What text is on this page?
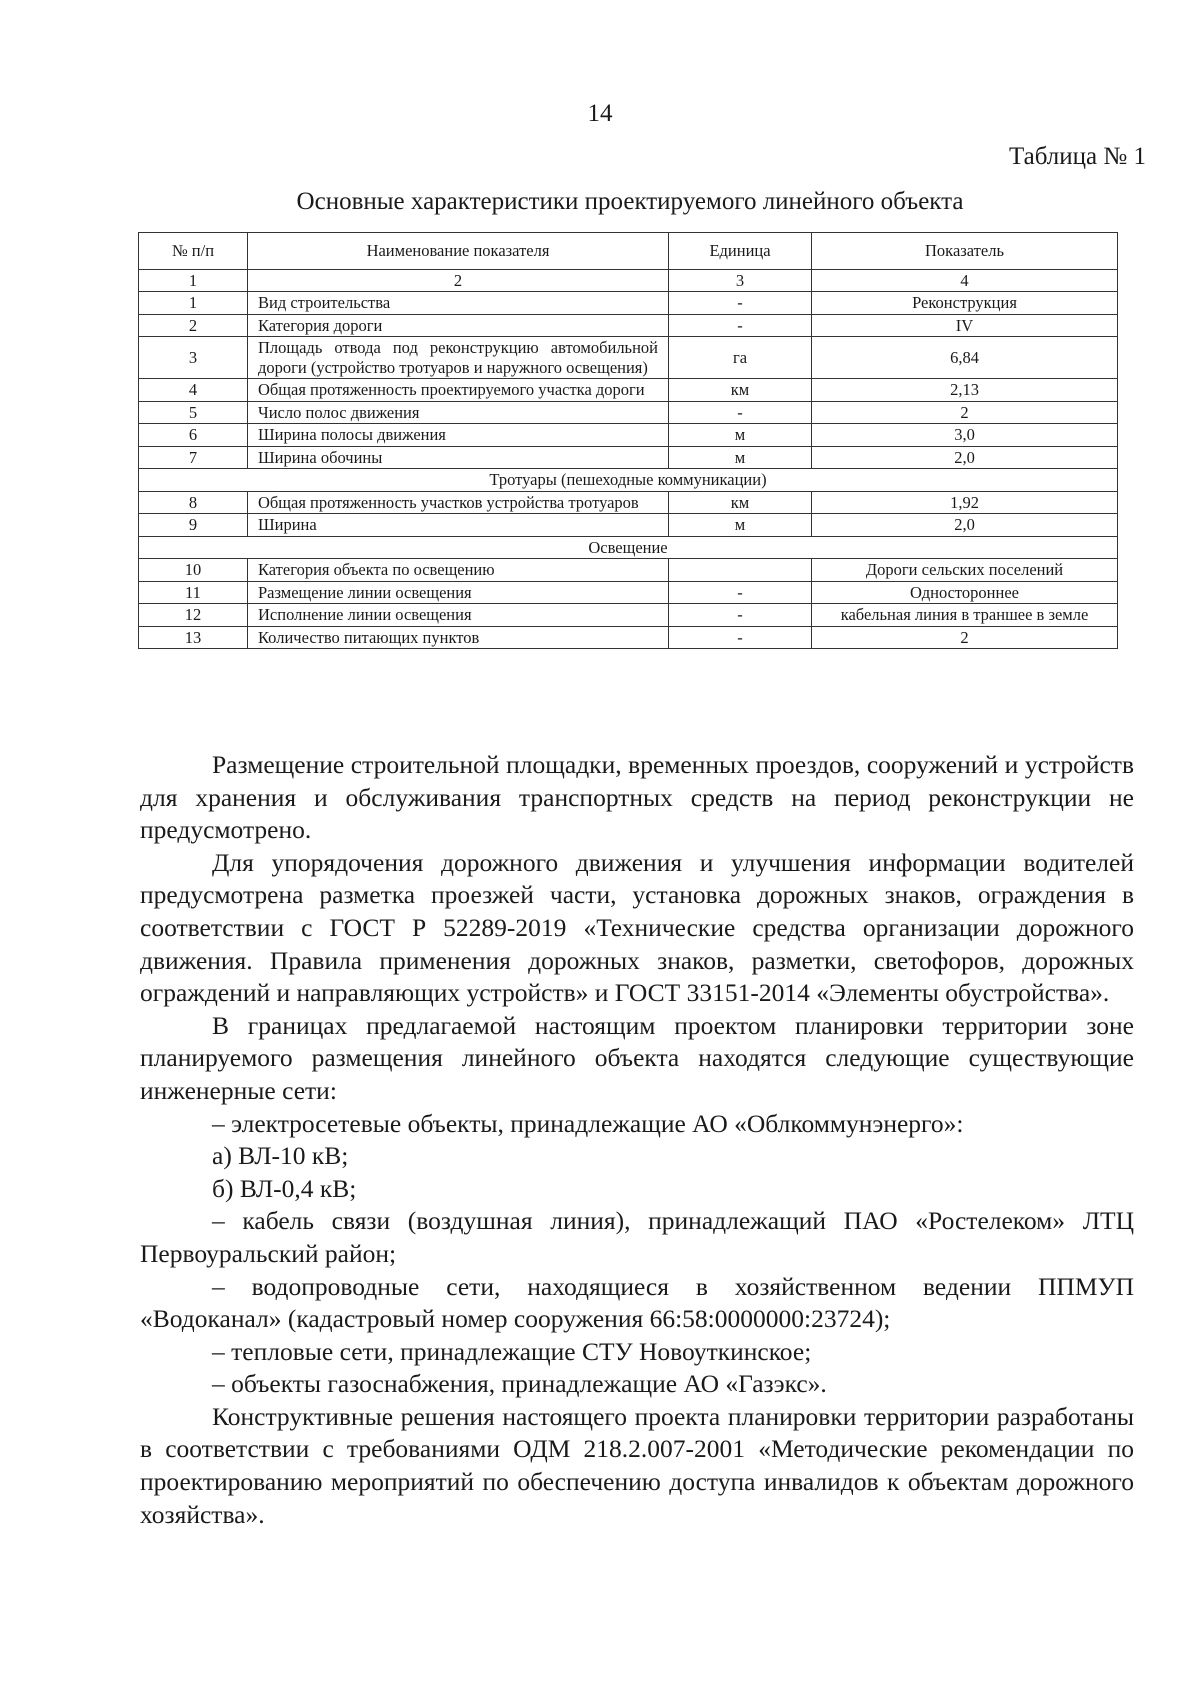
14
Таблица № 1
Основные характеристики проектируемого линейного объекта
№ п/п	Наименование показателя	Единица	Показатель
1	2	3	4
1	Вид строительства	-	Реконструкция
2	Категория дороги	-	IV
3	Площадь отвода под реконструкцию автомобильной дороги (устройство тротуаров и наружного освещения)	га	6,84
4	Общая протяженность проектируемого участка дороги	км	2,13
5	Число полос движения	-	2
6	Ширина полосы движения	м	3,0
7	Ширина обочины	м	2,0
Тротуары (пешеходные коммуникации)			
8	Общая протяженность участков устройства тротуаров	км	1,92
9	Ширина	м	2,0
Освещение			
10	Категория объекта по освещению		Дороги сельских поселений
11	Размещение линии освещения	-	Одностороннее
12	Исполнение линии освещения	-	кабельная линия в траншее в земле
13	Количество питающих пунктов	-	2

Размещение строительной площадки, временных проездов, сооружений и устройств для хранения и обслуживания транспортных средств на период реконструкции не предусмотрено.

Для упорядочения дорожного движения и улучшения информации водителей предусмотрена разметка проезжей части, установка дорожных знаков, ограждения в соответствии с ГОСТ Р 52289-2019 «Технические средства организации дорожного движения. Правила применения дорожных знаков, разметки, светофоров, дорожных ограждений и направляющих устройств» и ГОСТ 33151-2014 «Элементы обустройства».

В границах предлагаемой настоящим проектом планировки территории зоне планируемого размещения линейного объекта находятся следующие существующие инженерные сети:

– электросетевые объекты, принадлежащие АО «Облкоммунэнерго»:

а) ВЛ-10 кВ;

б) ВЛ-0,4 кВ;

– кабель связи (воздушная линия), принадлежащий ПАО «Ростелеком» ЛТЦ Первоуральский район;

– водопроводные сети, находящиеся в хозяйственном ведении ППМУП «Водоканал» (кадастровый номер сооружения 66:58:0000000:23724);

– тепловые сети, принадлежащие СТУ Новоуткинское;

– объекты газоснабжения, принадлежащие АО «Газэкс».

Конструктивные решения настоящего проекта планировки территории разработаны в соответствии с требованиями ОДМ 218.2.007-2001 «Методические рекомендации по проектированию мероприятий по обеспечению доступа инвалидов к объектам дорожного хозяйства».
